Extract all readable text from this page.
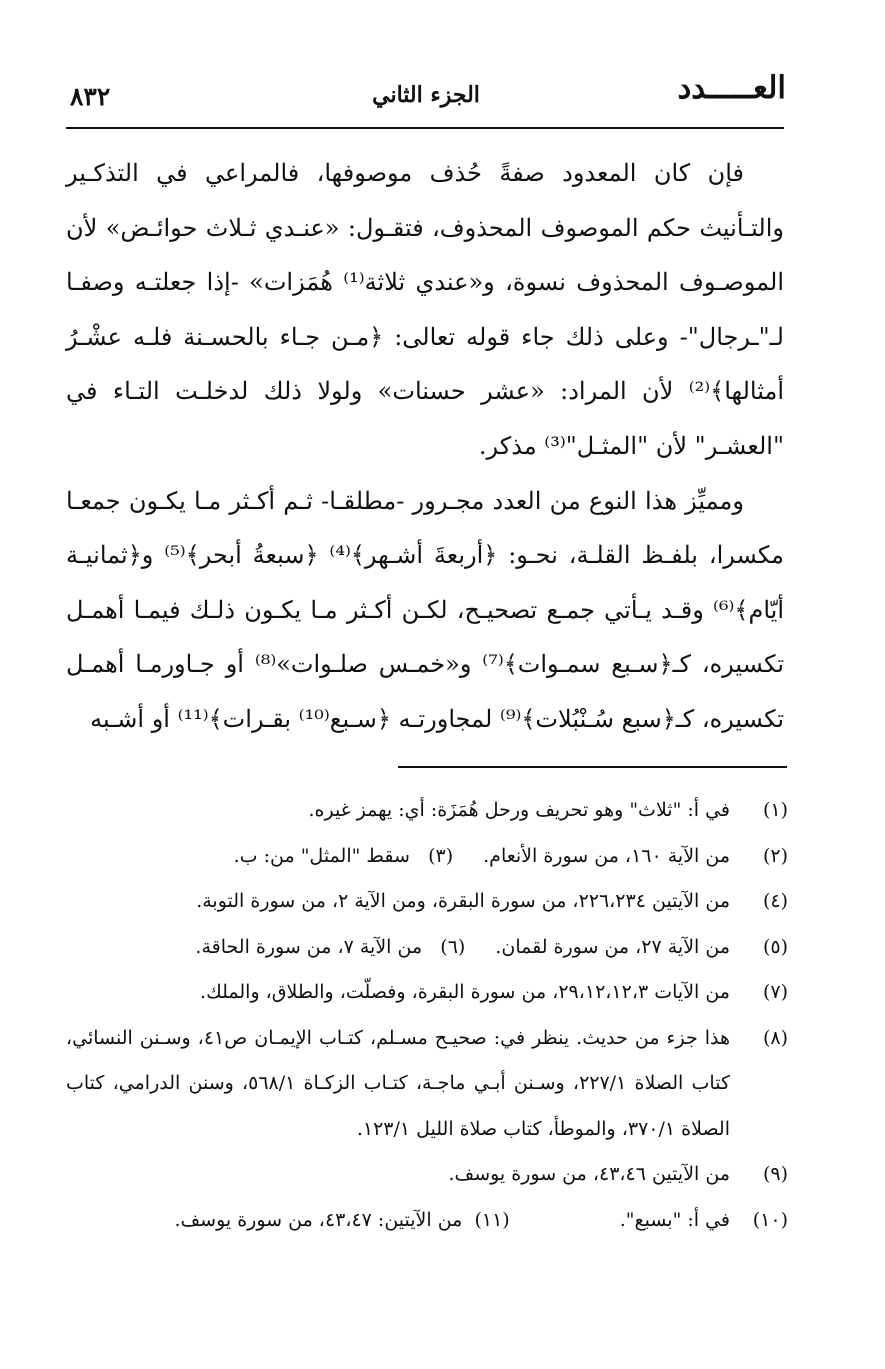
العـــــدد
الجزء الثاني
٨٣٢

فإن كان المعدود صفةً حُذف موصوفها، فالمراعي في التذكـير والتـأنيث حكم الموصوف المحذوف، فتقـول: «عنـدي ثـلاث حوائـض» لأن الموصـوف المحذوف نسوة، و«عندي ثلاثة⁽¹⁾ هُمَزات» -إذا جعلتـه وصفـا لـ"ـرجال"- وعلى ذلك جاء قوله تعالى: ﴿مـن جـاء بالحسـنة فلـه عشْـرُ أمثالها﴾⁽²⁾ لأن المراد: «عشر حسنات» ولولا ذلك لدخلـت التـاء في "العشـر" لأن "المثـل"⁽³⁾ مذكر.

ومميِّز هذا النوع من العدد مجـرور -مطلقـا- ثـم أكـثر مـا يكـون جمعـا مكسرا، بلفـظ القلـة، نحـو: ﴿أربعةَ أشـهر﴾⁽⁴⁾ ﴿سبعةُ أبحر﴾⁽⁵⁾ و﴿ثمانيـة أيّام﴾⁽⁶⁾ وقـد يـأتي جمـع تصحيـح، لكـن أكـثر مـا يكـون ذلـك فيمـا أهمـل تكسيره، كـ﴿سـبع سمـوات﴾⁽⁷⁾ و«خمـس صلـوات»⁽⁸⁾ أو جـاورمـا أهمـل تكسيره، كـ﴿سبع سُـنْبُلات﴾⁽⁹⁾ لمجاورتـه ﴿سـبع⁽¹⁰⁾ بقـرات﴾⁽¹¹⁾ أو أشـبه

(١)
في أ: "ثلاث" وهو تحريف ورحل هُمَزَة: أي: يهمز غيره.
(٢)
من الآية ١٦٠، من سورة الأنعام.(٣)   سقط "المثل" من: ب.
(٤)
من الآيتين ٢٢٦،٢٣٤، من سورة البقرة، ومن الآية ٢، من سورة التوبة.
(٥)
من الآية ٢٧، من سورة لقمان.(٦)   من الآية ٧، من سورة الحاقة.
(٧)
من الآيات ٢٩،١٢،١٢،٣، من سورة البقرة، وفصلّت، والطلاق، والملك.
(٨)
هذا جزء من حديث. ينظر في: صحيـح مسـلم، كتـاب الإيمـان ص٤١، وسـنن النسائي، كتاب الصلاة ٢٢٧/١، وسـنن أبـي ماجـة، كتـاب الزكـاة ٥٦٨/١، وسنن الدرامي، كتاب الصلاة ٣٧٠/١، والموطأ، كتاب صلاة الليل ١٢٣/١.
(٩)
من الآيتين ٤٣،٤٦، من سورة يوسف.
(١٠)
في أ: "بسبع".(١١)  من الآيتين: ٤٣،٤٧، من سورة يوسف.
